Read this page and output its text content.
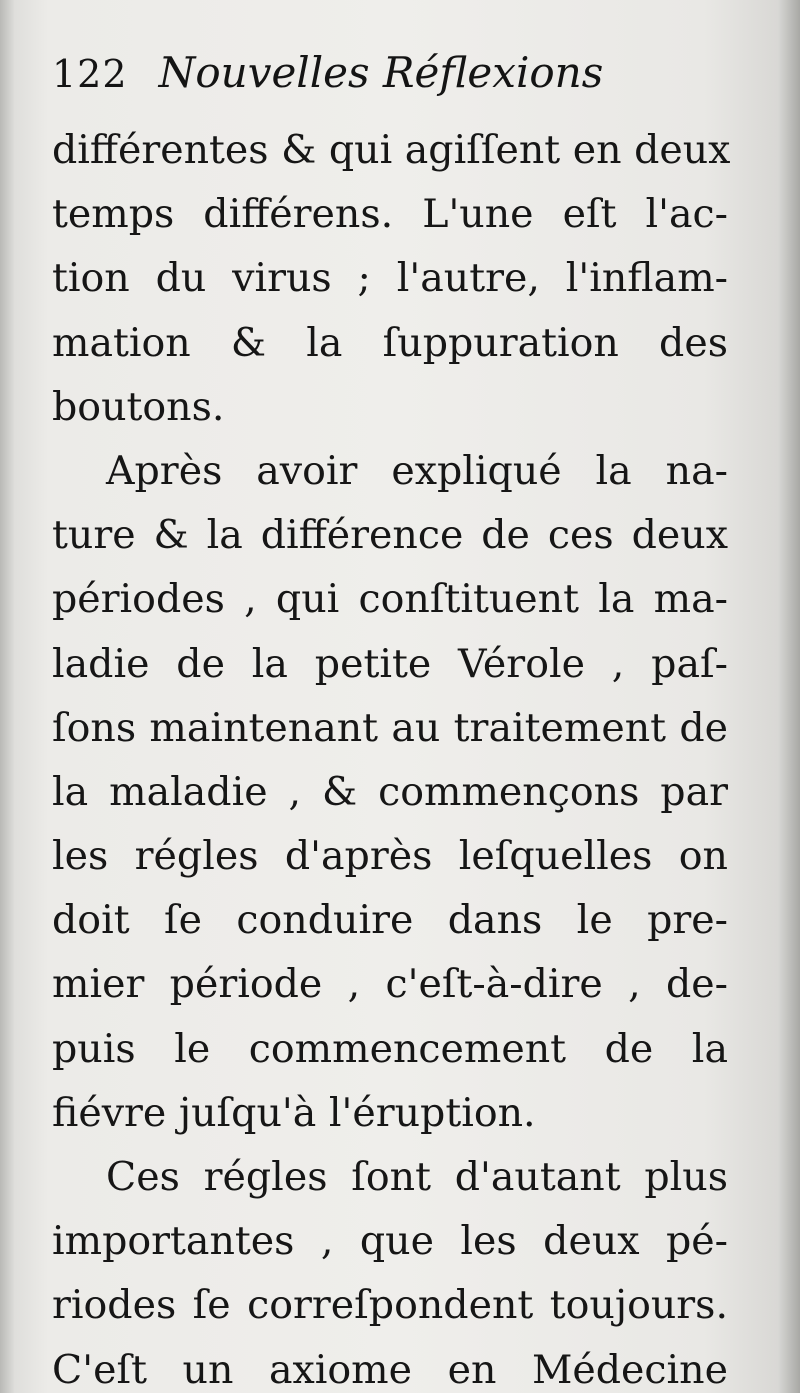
122 Nouvelles Réflexions
différentes & qui agiſſent en deux
temps différens. L'une eſt l'ac-
tion du virus ; l'autre, l'inflam-
mation & la ſuppuration des
boutons.
Après avoir expliqué la na-
ture & la différence de ces deux
périodes , qui conſtituent la ma-
ladie de la petite Vérole , paſ-
ſons maintenant au traitement de
la maladie , & commençons par
les régles d'après leſquelles on
doit ſe conduire dans le pre-
mier période , c'eſt-à-dire , de-
puis le commencement de la
fiévre juſqu'à l'éruption.
Ces régles ſont d'autant plus
importantes , que les deux pé-
riodes ſe correſpondent toujours.
C'eſt un axiome en Médecine
